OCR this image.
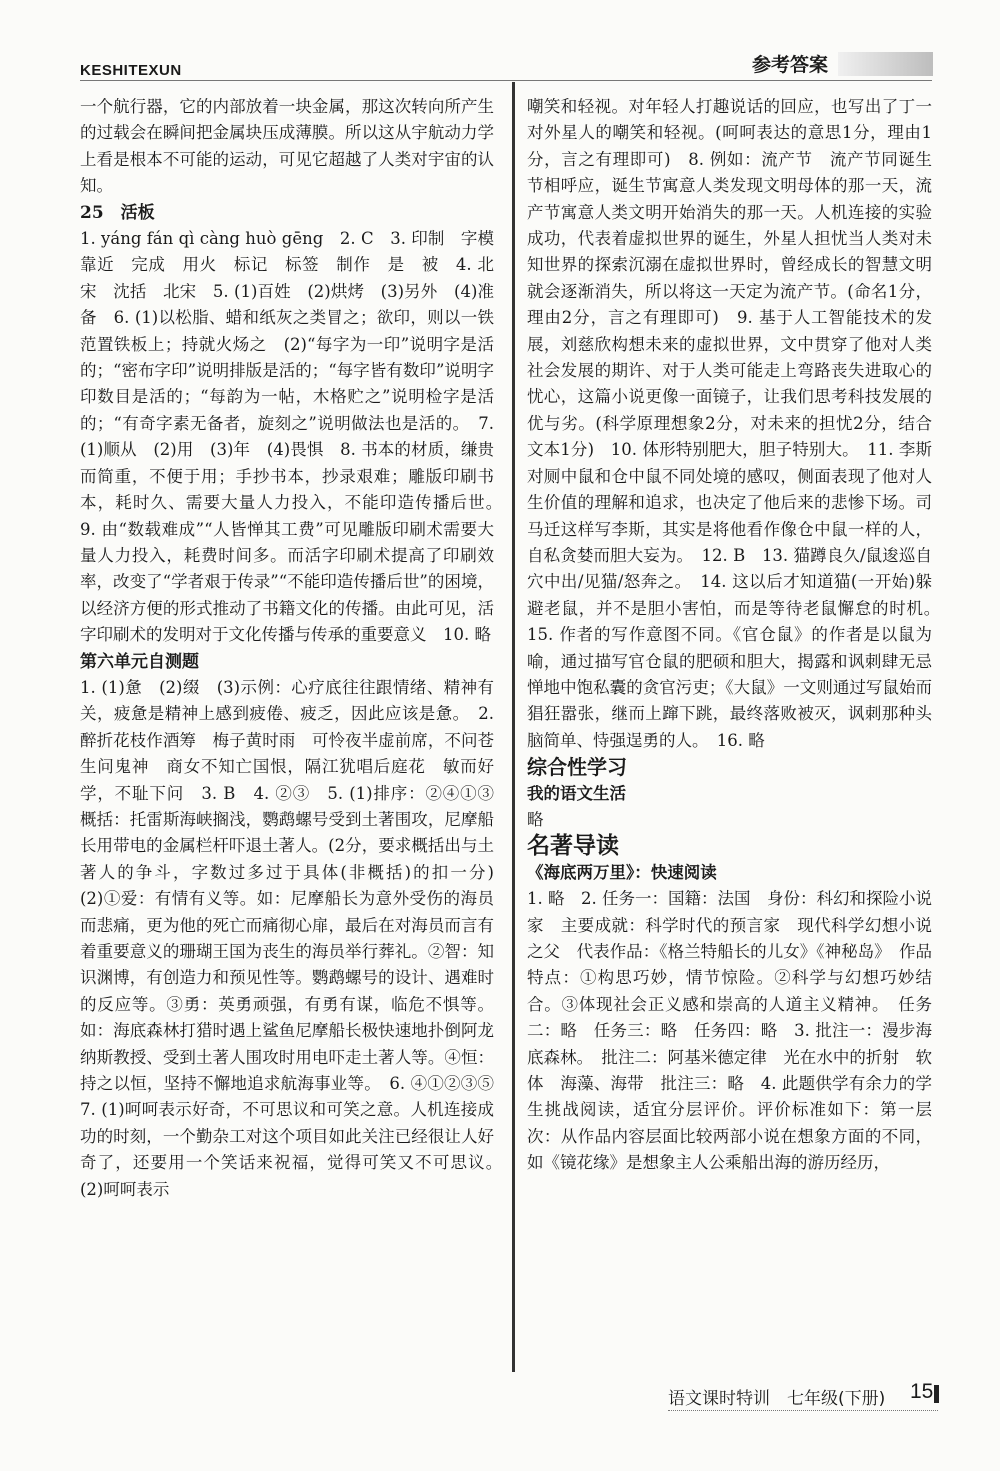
KESHITEXUN	参考答案

一个航行器，它的内部放着一块金属，那这次转向所产生的过载会在瞬间把金属块压成薄膜。所以这从宇航动力学上看是根本不可能的运动，可见它超越了人类对宇宙的认知。

25　活板

1. yáng fán qì càng huò gēng　2. C　3. 印制　字模　靠近　完成　用火　标记　标签　制作　是　被　4. 北宋　沈括　北宋　5. (1)百姓　(2)烘烤　(3)另外　(4)准备　6. (1)以松脂、蜡和纸灰之类冒之；欲印，则以一铁范置铁板上；持就火炀之　(2)“每字为一印”说明字是活的；“密布字印”说明排版是活的；“每字皆有数印”说明字印数目是活的；“每韵为一帖，木格贮之”说明检字是活的；“有奇字素无备者，旋刻之”说明做法也是活的。　7. (1)顺从　(2)用　(3)年　(4)畏惧　8. 书本的材质，缣贵而简重，不便于用；手抄书本，抄录艰难；雕版印刷书本，耗时久、需要大量人力投入，不能印造传播后世。　9. 由“数载难成”“人皆惮其工费”可见雕版印刷术需要大量人力投入，耗费时间多。而活字印刷术提高了印刷效率，改变了“学者艰于传录”“不能印造传播后世”的困境，以经济方便的形式推动了书籍文化的传播。由此可见，活字印刷术的发明对于文化传播与传承的重要意义　10. 略

第六单元自测题

1. (1)惫　(2)缀　(3)示例：心疗底往往跟情绪、精神有关，疲惫是精神上感到疲倦、疲乏，因此应该是惫。　2. 醉折花枝作酒筹　梅子黄时雨　可怜夜半虚前席，不问苍生问鬼神　商女不知亡国恨，隔江犹唱后庭花　敏而好学，不耻下问　3. B　4. ②③　5. (1)排序：②④①③　概括：托雷斯海峡搁浅，鹦鹉螺号受到土著围攻，尼摩船长用带电的金属栏杆吓退土著人。(2分，要求概括出与土著人的争斗，字数过多过于具体(非概括)的扣一分)　(2)①爱：有情有义等。如：尼摩船长为意外受伤的海员而悲痛，更为他的死亡而痛彻心扉，最后在对海员而言有着重要意义的珊瑚王国为丧生的海员举行葬礼。②智：知识渊博，有创造力和预见性等。鹦鹉螺号的设计、遇难时的反应等。③勇：英勇顽强，有勇有谋，临危不惧等。如：海底森林打猎时遇上鲨鱼尼摩船长极快速地扑倒阿龙纳斯教授、受到土著人围攻时用电吓走土著人等。④恒：持之以恒，坚持不懈地追求航海事业等。　6. ④①②③⑤　7. (1)呵呵表示好奇，不可思议和可笑之意。人机连接成功的时刻，一个勤杂工对这个项目如此关注已经很让人好奇了，还要用一个笑话来祝福，觉得可笑又不可思议。　(2)呵呵表示

嘲笑和轻视。对年轻人打趣说话的回应，也写出了丁一对外星人的嘲笑和轻视。(呵呵表达的意思1分，理由1分，言之有理即可)　8. 例如：流产节　流产节同诞生节相呼应，诞生节寓意人类发现文明母体的那一天，流产节寓意人类文明开始消失的那一天。人机连接的实验成功，代表着虚拟世界的诞生，外星人担忧当人类对未知世界的探索沉溺在虚拟世界时，曾经成长的智慧文明就会逐渐消失，所以将这一天定为流产节。(命名1分，理由2分，言之有理即可)　9. 基于人工智能技术的发展，刘慈欣构想未来的虚拟世界，文中贯穿了他对人类社会发展的期许、对于人类可能走上弯路丧失进取心的忧心，这篇小说更像一面镜子，让我们思考科技发展的优与劣。(科学原理想象2分，对未来的担忧2分，结合文本1分)　10. 体形特别肥大，胆子特别大。　11. 李斯对厕中鼠和仓中鼠不同处境的感叹，侧面表现了他对人生价值的理解和追求，也决定了他后来的悲惨下场。司马迁这样写李斯，其实是将他看作像仓中鼠一样的人，自私贪婪而胆大妄为。　12. B　13. 猫蹲良久/鼠逡巡自穴中出/见猫/怒奔之。　14. 这以后才知道猫(一开始)躲避老鼠，并不是胆小害怕，而是等待老鼠懈怠的时机。　15. 作者的写作意图不同。《官仓鼠》的作者是以鼠为喻，通过描写官仓鼠的肥硕和胆大，揭露和讽刺肆无忌惮地中饱私囊的贪官污吏；《大鼠》一文则通过写鼠始而猖狂嚣张，继而上蹿下跳，最终落败被灭，讽刺那种头脑简单、恃强逞勇的人。　16. 略

综合性学习

我的语文生活

略

名著导读

《海底两万里》：快速阅读

1. 略　2. 任务一：国籍：法国　身份：科幻和探险小说家　主要成就：科学时代的预言家　现代科学幻想小说之父　代表作品：《格兰特船长的儿女》《神秘岛》　作品特点：①构思巧妙，情节惊险。②科学与幻想巧妙结合。③体现社会正义感和崇高的人道主义精神。　任务二：略　任务三：略　任务四：略　3. 批注一：漫步海底森林。　批注二：阿基米德定律　光在水中的折射　软体　海藻、海带　批注三：略　4. 此题供学有余力的学生挑战阅读，适宜分层评价。评价标准如下：第一层次：从作品内容层面比较两部小说在想象方面的不同，如《镜花缘》是想象主人公乘船出海的游历经历，

语文课时特训　七年级(下册) 15
